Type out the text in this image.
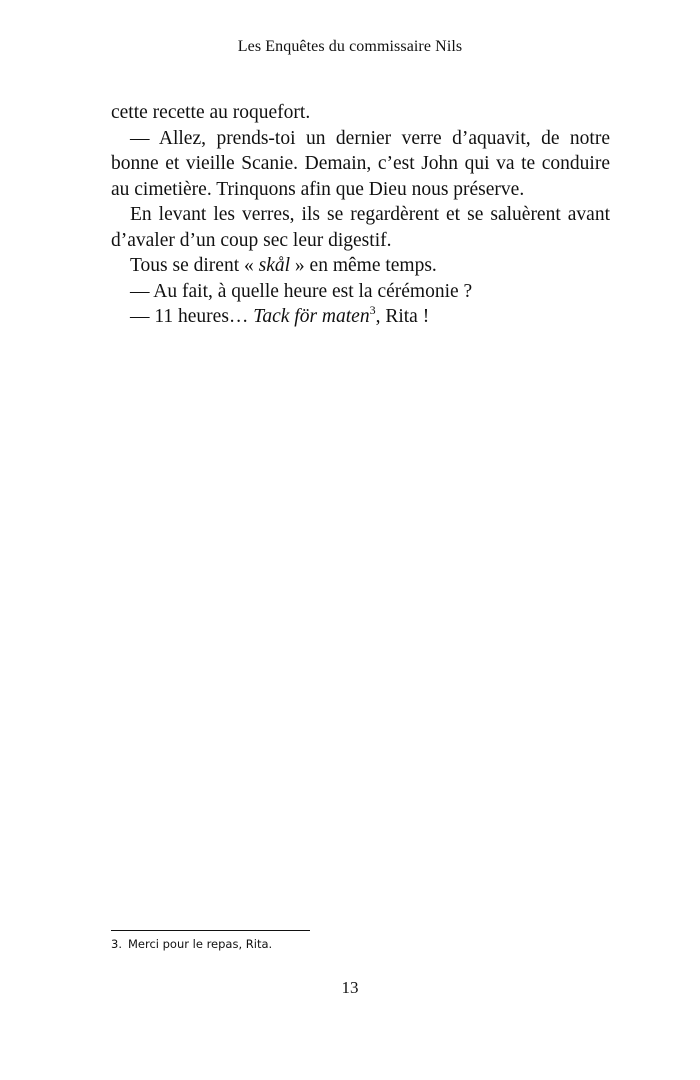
Les Enquêtes du commissaire Nils

cette recette au roquefort.

— Allez, prends-toi un dernier verre d’aquavit, de notre bonne et vieille Scanie. Demain, c’est John qui va te conduire au cimetière. Trinquons afin que Dieu nous préserve.

En levant les verres, ils se regardèrent et se saluèrent avant d’avaler d’un coup sec leur digestif.

Tous se dirent « skål » en même temps.

— Au fait, à quelle heure est la cérémonie ?

— 11 heures… Tack för maten$^3$, Rita !

3. Merci pour le repas, Rita.
13
